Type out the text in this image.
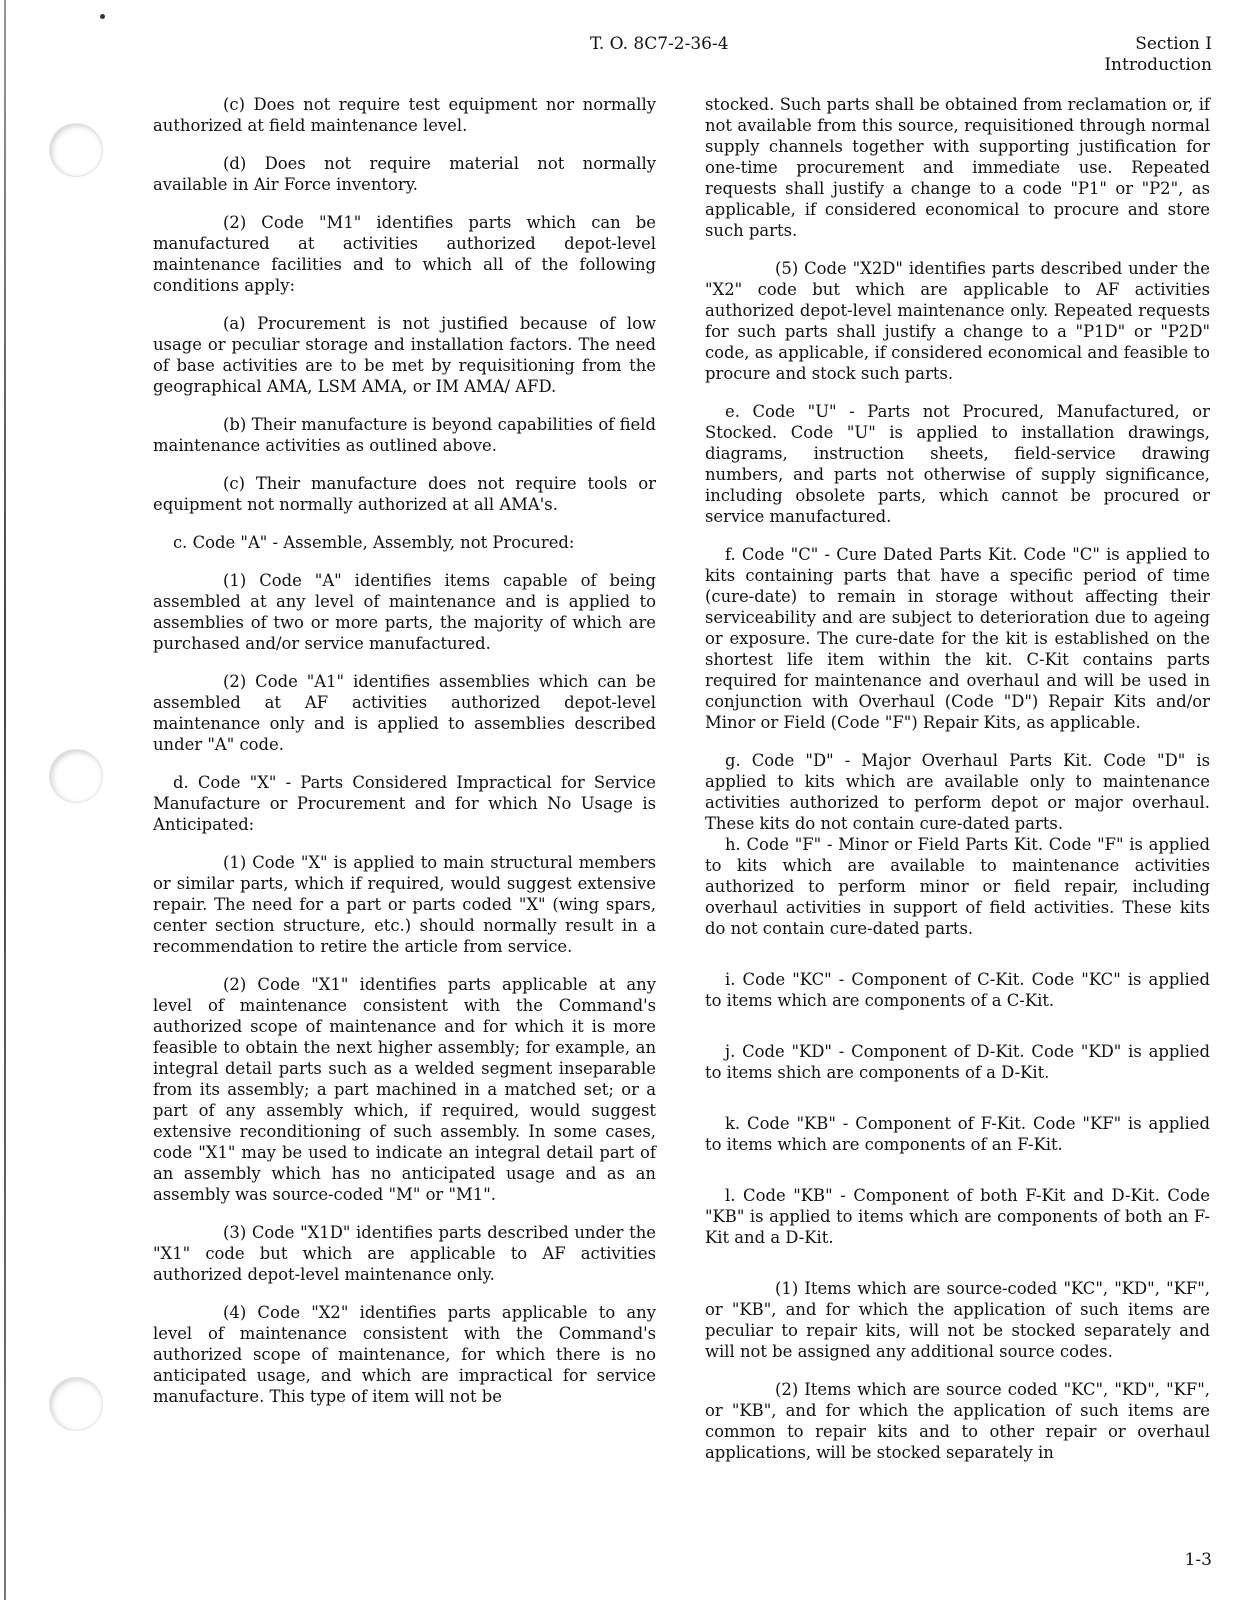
T. O. 8C7-2-36-4	Section I
Introduction

(c) Does not require test equipment nor normally authorized at field maintenance level.

(d) Does not require material not normally available in Air Force inventory.

(2) Code "M1" identifies parts which can be manufactured at activities authorized depot-level maintenance facilities and to which all of the following conditions apply:

(a) Procurement is not justified because of low usage or peculiar storage and installation factors. The need of base activities are to be met by requisitioning from the geographical AMA, LSM AMA, or IM AMA/ AFD.

(b) Their manufacture is beyond capabilities of field maintenance activities as outlined above.

(c) Their manufacture does not require tools or equipment not normally authorized at all AMA's.

c. Code "A" - Assemble, Assembly, not Procured:

(1) Code "A" identifies items capable of being assembled at any level of maintenance and is applied to assemblies of two or more parts, the majority of which are purchased and/or service manufactured.

(2) Code "A1" identifies assemblies which can be assembled at AF activities authorized depot-level maintenance only and is applied to assemblies described under "A" code.

d. Code "X" - Parts Considered Impractical for Service Manufacture or Procurement and for which No Usage is Anticipated:

(1) Code "X" is applied to main structural members or similar parts, which if required, would suggest extensive repair. The need for a part or parts coded "X" (wing spars, center section structure, etc.) should normally result in a recommendation to retire the article from service.

(2) Code "X1" identifies parts applicable at any level of maintenance consistent with the Command's authorized scope of maintenance and for which it is more feasible to obtain the next higher assembly; for example, an integral detail parts such as a welded segment inseparable from its assembly; a part machined in a matched set; or a part of any assembly which, if required, would suggest extensive reconditioning of such assembly. In some cases, code "X1" may be used to indicate an integral detail part of an assembly which has no anticipated usage and as an assembly was source-coded "M" or "M1".

(3) Code "X1D" identifies parts described under the "X1" code but which are applicable to AF activities authorized depot-level maintenance only.

(4) Code "X2" identifies parts applicable to any level of maintenance consistent with the Command's authorized scope of maintenance, for which there is no anticipated usage, and which are impractical for service manufacture. This type of item will not be

stocked. Such parts shall be obtained from reclamation or, if not available from this source, requisitioned through normal supply channels together with supporting justification for one-time procurement and immediate use. Repeated requests shall justify a change to a code "P1" or "P2", as applicable, if considered economical to procure and store such parts.

(5) Code "X2D" identifies parts described under the "X2" code but which are applicable to AF activities authorized depot-level maintenance only. Repeated requests for such parts shall justify a change to a "P1D" or "P2D" code, as applicable, if considered economical and feasible to procure and stock such parts.

e. Code "U" - Parts not Procured, Manufactured, or Stocked. Code "U" is applied to installation drawings, diagrams, instruction sheets, field-service drawing numbers, and parts not otherwise of supply significance, including obsolete parts, which cannot be procured or service manufactured.

f. Code "C" - Cure Dated Parts Kit. Code "C" is applied to kits containing parts that have a specific period of time (cure-date) to remain in storage without affecting their serviceability and are subject to deterioration due to ageing or exposure. The cure-date for the kit is established on the shortest life item within the kit. C-Kit contains parts required for maintenance and overhaul and will be used in conjunction with Overhaul (Code "D") Repair Kits and/or Minor or Field (Code "F") Repair Kits, as applicable.

g. Code "D" - Major Overhaul Parts Kit. Code "D" is applied to kits which are available only to maintenance activities authorized to perform depot or major overhaul. These kits do not contain cure-dated parts.

h. Code "F" - Minor or Field Parts Kit. Code "F" is applied to kits which are available to maintenance activities authorized to perform minor or field repair, including overhaul activities in support of field activities. These kits do not contain cure-dated parts.

i. Code "KC" - Component of C-Kit. Code "KC" is applied to items which are components of a C-Kit.

j. Code "KD" - Component of D-Kit. Code "KD" is applied to items shich are components of a D-Kit.

k. Code "KB" - Component of F-Kit. Code "KF" is applied to items which are components of an F-Kit.

l. Code "KB" - Component of both F-Kit and D-Kit. Code "KB" is applied to items which are components of both an F-Kit and a D-Kit.

(1) Items which are source-coded "KC", "KD", "KF", or "KB", and for which the application of such items are peculiar to repair kits, will not be stocked separately and will not be assigned any additional source codes.

(2) Items which are source coded "KC", "KD", "KF", or "KB", and for which the application of such items are common to repair kits and to other repair or overhaul applications, will be stocked separately in

1-3
